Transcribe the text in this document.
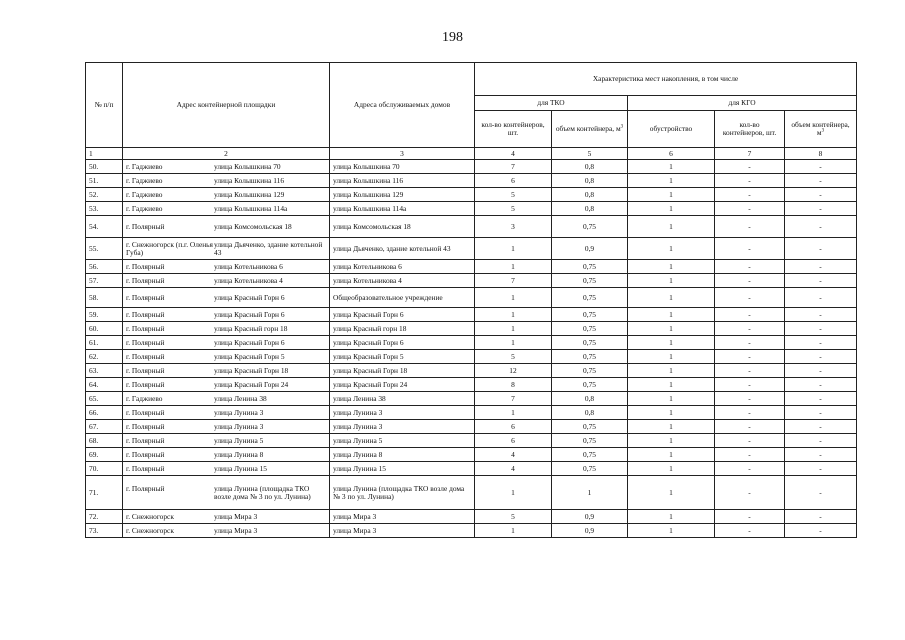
198
№ п/п	Адрес контейнерной площадки	Адреса обслуживаемых домов	Характеристика мест накопления, в том числе				
			для ТКО		для КГО		
			кол-во контейнеров, шт.	объем контейнера, $м^3$	обустройство	кол-во контейнеров, шт.	объем контейнера, $м^3$
1	2	3	4	5	6	7	8
50.	г. Гаджиево улица Колышкина 70	улица Колышкина 70	7	0,8	1	-	-
51.	г. Гаджиево улица Колышкина 116	улица Колышкина 116	6	0,8	1	-	-
52.	г. Гаджиево улица Колышкина 129	улица Колышкина 129	5	0,8	1	-	-
53.	г. Гаджиево улица Колышкина 114а	улица Колышкина 114а	5	0,8	1	-	-
54.	г. Полярный улица Комсомольская 18	улица Комсомольская 18	3	0,75	1	-	-
55.	г. Снежногорск (п.г. Оленья Губа)
улица Дьяченко, здание котельной 43	улица Дьяченко, здание котельной 43	1	0,9	1	-	-
56.	г. Полярный улица Котельникова 6	улица Котельникова 6	1	0,75	1	-	-
57.	г. Полярный улица Котельникова 4	улица Котельникова 4	7	0,75	1	-	-
58.	г. Полярный улица Красный Горн 6	Общеобразовательное учреждение	1	0,75	1	-	-
59.	г. Полярный улица Красный Горн 6	улица Красный Горн 6	1	0,75	1	-	-
60.	г. Полярный улица Красный горн 18	улица Красный горн 18	1	0,75	1	-	-
61.	г. Полярный улица Красный Горн 6	улица Красный Горн 6	1	0,75	1	-	-
62.	г. Полярный улица Красный Горн 5	улица Красный Горн 5	5	0,75	1	-	-
63.	г. Полярный улица Красный Горн 18	улица Красный Горн 18	12	0,75	1	-	-
64.	г. Полярный улица Красный Горн 24	улица Красный Горн 24	8	0,75	1	-	-
65.	г. Гаджиево улица Ленина 38	улица Ленина 38	7	0,8	1	-	-
66.	г. Полярный улица Лунина 3	улица Лунина 3	1	0,8	1	-	-
67.	г. Полярный улица Лунина 3	улица Лунина 3	6	0,75	1	-	-
68.	г. Полярный улица Лунина 5	улица Лунина 5	6	0,75	1	-	-
69.	г. Полярный улица Лунина 8	улица Лунина 8	4	0,75	1	-	-
70.	г. Полярный улица Лунина 15	улица Лунина 15	4	0,75	1	-	-
71.	г. Полярный улица Лунина (площадка ТКО возле дома № 3 по ул. Лунина)	улица Лунина (площадка ТКО возле дома № 3 по ул. Лунина)	1	1	1	-	-
72.	г. Снежногорск улица Мира 3	улица Мира 3	5	0,9	1	-	-
73.	г. Снежногорск улица Мира 3	улица Мира 3	1	0,9	1	-	-
